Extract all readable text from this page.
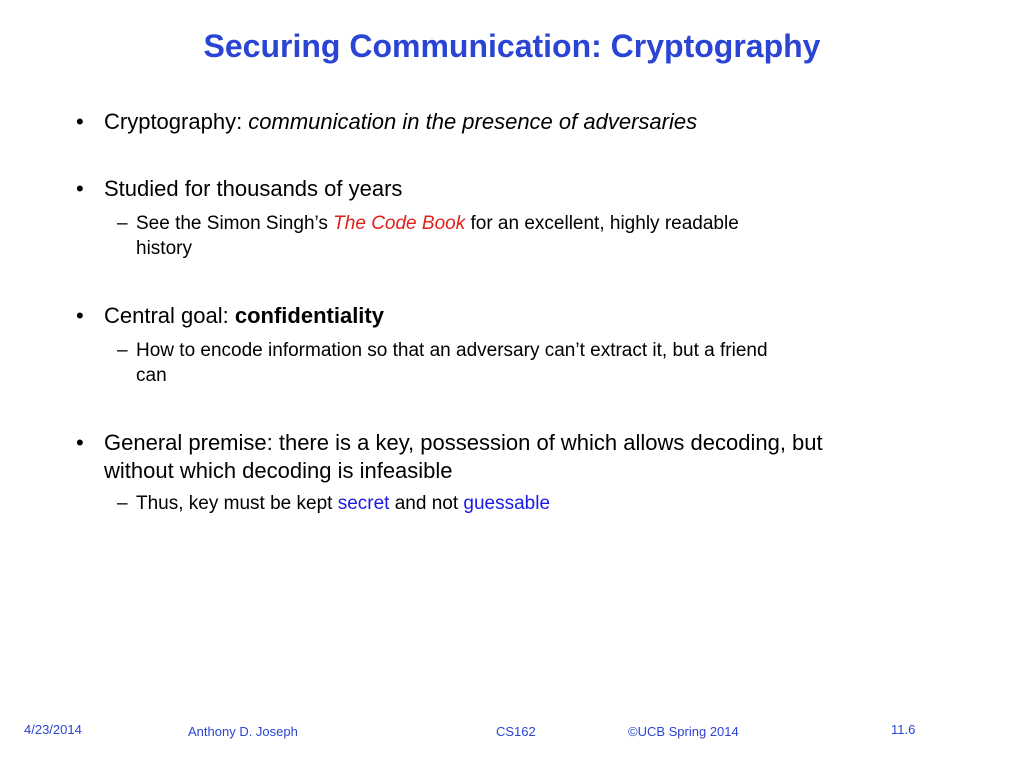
Securing Communication: Cryptography
• Cryptography: communication in the presence of adversaries
• Studied for thousands of years
– See the Simon Singh’s The Code Book for an excellent, highly readable
history
• Central goal: confidentiality
– How to encode information so that an adversary can’t extract it, but a friend
can
• General premise: there is a key, possession of which allows decoding, but
without which decoding is infeasible
– Thus, key must be kept secret and not guessable
4/23/2014	Anthony D. Joseph	CS162	©UCB Spring 2014	11.6
